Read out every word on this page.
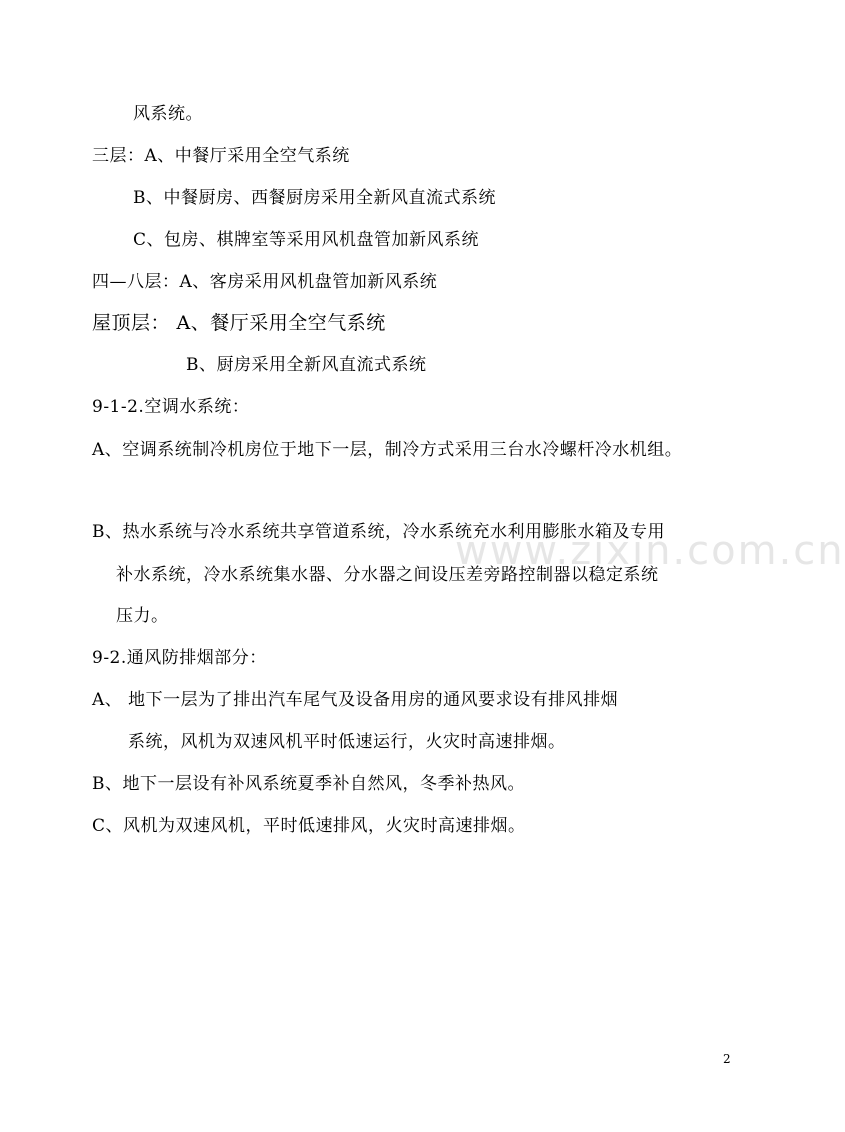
www.zixin.com.cn
风系统。
三层：A、中餐厅采用全空气系统
B、中餐厨房、西餐厨房采用全新风直流式系统
C、包房、棋牌室等采用风机盘管加新风系统
四—八层：A、客房采用风机盘管加新风系统
屋顶层： A、餐厅采用全空气系统
B、厨房采用全新风直流式系统
9-1-2.空调水系统：
A、空调系统制冷机房位于地下一层，制冷方式采用三台水冷螺杆冷水机组。
B、热水系统与冷水系统共享管道系统，冷水系统充水利用膨胀水箱及专用
补水系统，冷水系统集水器、分水器之间设压差旁路控制器以稳定系统
压力。
9-2.通风防排烟部分：
A、 地下一层为了排出汽车尾气及设备用房的通风要求设有排风排烟
系统，风机为双速风机平时低速运行，火灾时高速排烟。
B、地下一层设有补风系统夏季补自然风，冬季补热风。
C、风机为双速风机，平时低速排风，火灾时高速排烟。
2
